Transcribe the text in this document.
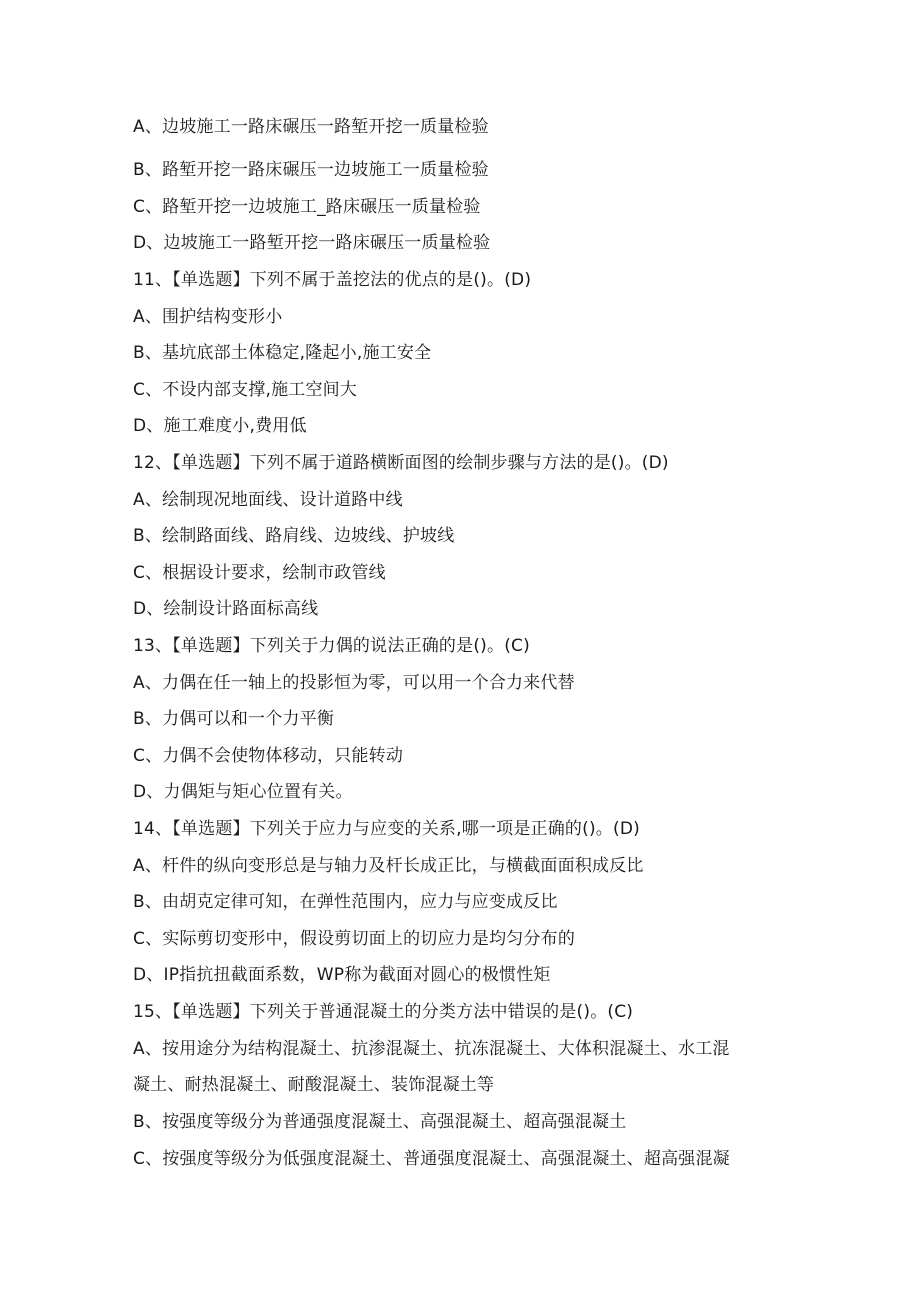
A、边坡施工一路床碾压一路堑开挖一质量检验
B、路堑开挖一路床碾压一边坡施工一质量检验
C、路堑开挖一边坡施工_路床碾压一质量检验
D、边坡施工一路堑开挖一路床碾压一质量检验
11、【单选题】下列不属于盖挖法的优点的是()。(D)
A、围护结构变形小
B、基坑底部土体稳定,隆起小,施工安全
C、不设内部支撑,施工空间大
D、施工难度小,费用低
12、【单选题】下列不属于道路横断面图的绘制步骤与方法的是()。(D)
A、绘制现况地面线、设计道路中线
B、绘制路面线、路肩线、边坡线、护坡线
C、根据设计要求，绘制市政管线
D、绘制设计路面标高线
13、【单选题】下列关于力偶的说法正确的是()。(C)
A、力偶在任一轴上的投影恒为零，可以用一个合力来代替
B、力偶可以和一个力平衡
C、力偶不会使物体移动，只能转动
D、力偶矩与矩心位置有关。
14、【单选题】下列关于应力与应变的关系,哪一项是正确的()。(D)
A、杆件的纵向变形总是与轴力及杆长成正比，与横截面面积成反比
B、由胡克定律可知，在弹性范围内，应力与应变成反比
C、实际剪切变形中，假设剪切面上的切应力是均匀分布的
D、IP指抗扭截面系数，WP称为截面对圆心的极惯性矩
15、【单选题】下列关于普通混凝土的分类方法中错误的是()。(C)
A、按用途分为结构混凝土、抗渗混凝土、抗冻混凝土、大体积混凝土、水工混
凝土、耐热混凝土、耐酸混凝土、装饰混凝土等
B、按强度等级分为普通强度混凝土、高强混凝土、超高强混凝土
C、按强度等级分为低强度混凝土、普通强度混凝土、高强混凝土、超高强混凝
